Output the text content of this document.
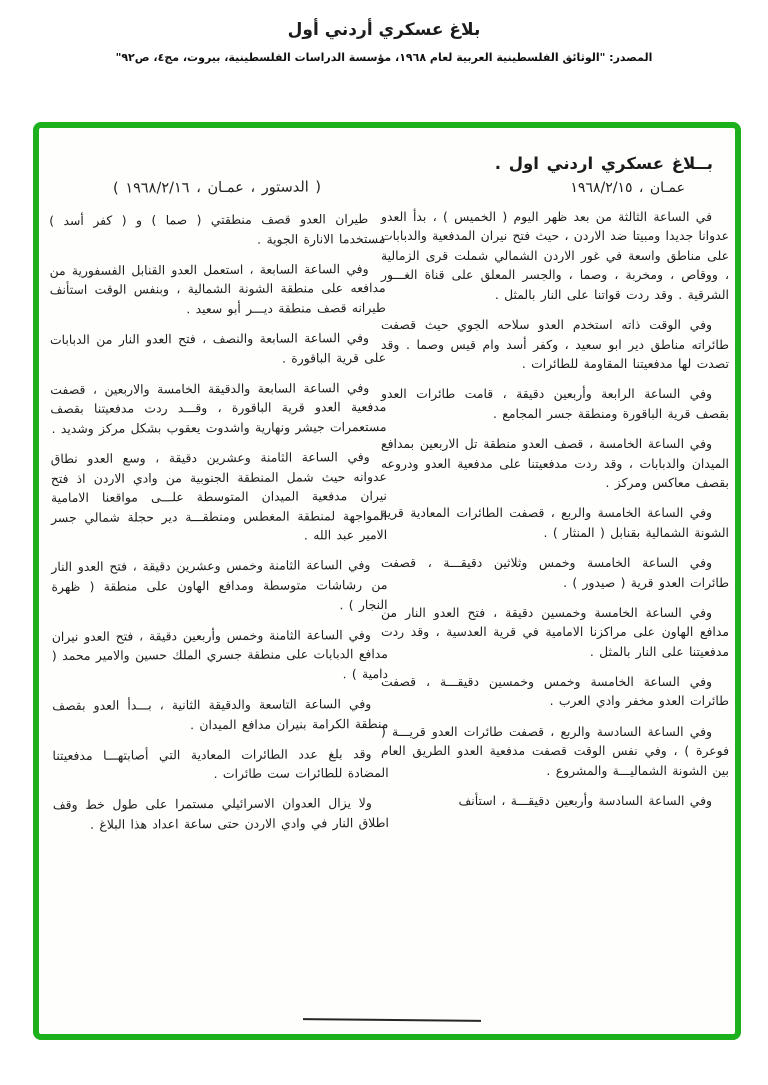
بلاغ عسكري أردني أول
المصدر: "الوثائق الفلسطينية العربية لعام ١٩٦٨، مؤسسة الدراسات الفلسطينية، بيروت، مج٤، ص٩٢"
بــلاغ عسكري اردني اول .
عمـان ، ١٩٦٨/٢/١٥

في الساعة الثالثة من بعد ظهر اليوم ( الخميس ) ، بدأ العدو عدوانا جديدا ومبيتا ضد الاردن ، حيث فتح نيران المدفعية والدبابات على مناطق واسعة في غور الاردن الشمالي شملت قرى الزمالية ، ووقاص ، ومخربة ، وصما ، والجسر المعلق على قناة الغـــور الشرقية . وقد ردت قواتنا على النار بالمثل .

وفي الوقت ذاته استخدم العدو سلاحه الجوي حيث قصفت طائراته مناطق دير ابو سعيد ، وكفر أسد وام قيس وصما . وقد تصدت لها مدفعيتنا المقاومة للطائرات .

وفي الساعة الرابعة وأربعين دقيقة ، قامت طائرات العدو بقصف قرية الباقورة ومنطقة جسر المجامع .

وفي الساعة الخامسة ، قصف العدو منطقة تل الاربعين بمدافع الميدان والدبابات ، وقد ردت مدفعيتنا على مدفعية العدو ودروعه بقصف معاكس ومركز .

وفي الساعة الخامسة والربع ، قصفت الطائرات المعادية قرية الشونة الشمالية بقنابل ( المنثار ) .

وفي الساعة الخامسة وخمس وثلاثين دقيقـــة ، قصفت طائرات العدو قرية ( صيدور ) .

وفي الساعة الخامسة وخمسين دقيقة ، فتح العدو النار من مدافع الهاون على مراكزنا الامامية في قرية العدسية ، وقد ردت مدفعيتنا على النار بالمثل .

وفي الساعة الخامسة وخمس وخمسين دقيقـــة ، قصفت طائرات العدو مخفر وادي العرب .

وفي الساعة السادسة والربع ، قصفت طائرات العدو قريـــة ( فوعرة ) ، وفي نفس الوقت قصفت مدفعية العدو الطريق العام بين الشونة الشماليـــة والمشروع .

وفي الساعة السادسة وأربعين دقيقـــة ، استأنف

( الدستور ، عمـان ، ١٩٦٨/٢/١٦ )

طيران العدو قصف منطقتي ( صما ) و ( كفر أسد ) مستخدما الانارة الجوية .

وفي الساعة السابعة ، استعمل العدو القنابل الفسفورية من مدافعه على منطقة الشونة الشمالية ، وبنفس الوقت استأنف طيرانه قصف منطقة ديـــر أبو سعيد .

وفي الساعة السابعة والنصف ، فتح العدو النار من الدبابات على قرية الباقورة .

وفي الساعة السابعة والدقيقة الخامسة والاربعين ، قصفت مدفعية العدو قرية الباقورة ، وقـــد ردت مدفعيتنا بقصف مستعمرات جيشر ونهارية واشدوت يعقوب بشكل مركز وشديد .

وفي الساعة الثامنة وعشرين دقيقة ، وسع العدو نطاق عدوانه حيث شمل المنطقة الجنوبية من وادي الاردن اذ فتح نيران مدفعية الميدان المتوسطة علـــى مواقعنا الامامية المواجهة لمنطقة المغطس ومنطقـــة دير حجلة شمالي جسر الامير عبد الله .

وفي الساعة الثامنة وخمس وعشرين دقيقة ، فتح العدو النار من رشاشات متوسطة ومدافع الهاون على منطقة ( ظهرة النجار ) .

وفي الساعة الثامنة وخمس وأربعين دقيقة ، فتح العدو نيران مدافع الدبابات على منطقة جسري الملك حسين والامير محمد ( دامية ) .

وفي الساعة التاسعة والدقيقة الثانية ، بـــدأ العدو بقصف منطقة الكرامة بنيران مدافع الميدان .

وقد بلغ عدد الطائرات المعادية التي أصابتهـــا مدفعيتنا المضادة للطائرات ست طائرات .

ولا يزال العدوان الاسرائيلي مستمرا على طول خط وقف اطلاق النار في وادي الاردن حتى ساعة اعداد هذا البلاغ .
